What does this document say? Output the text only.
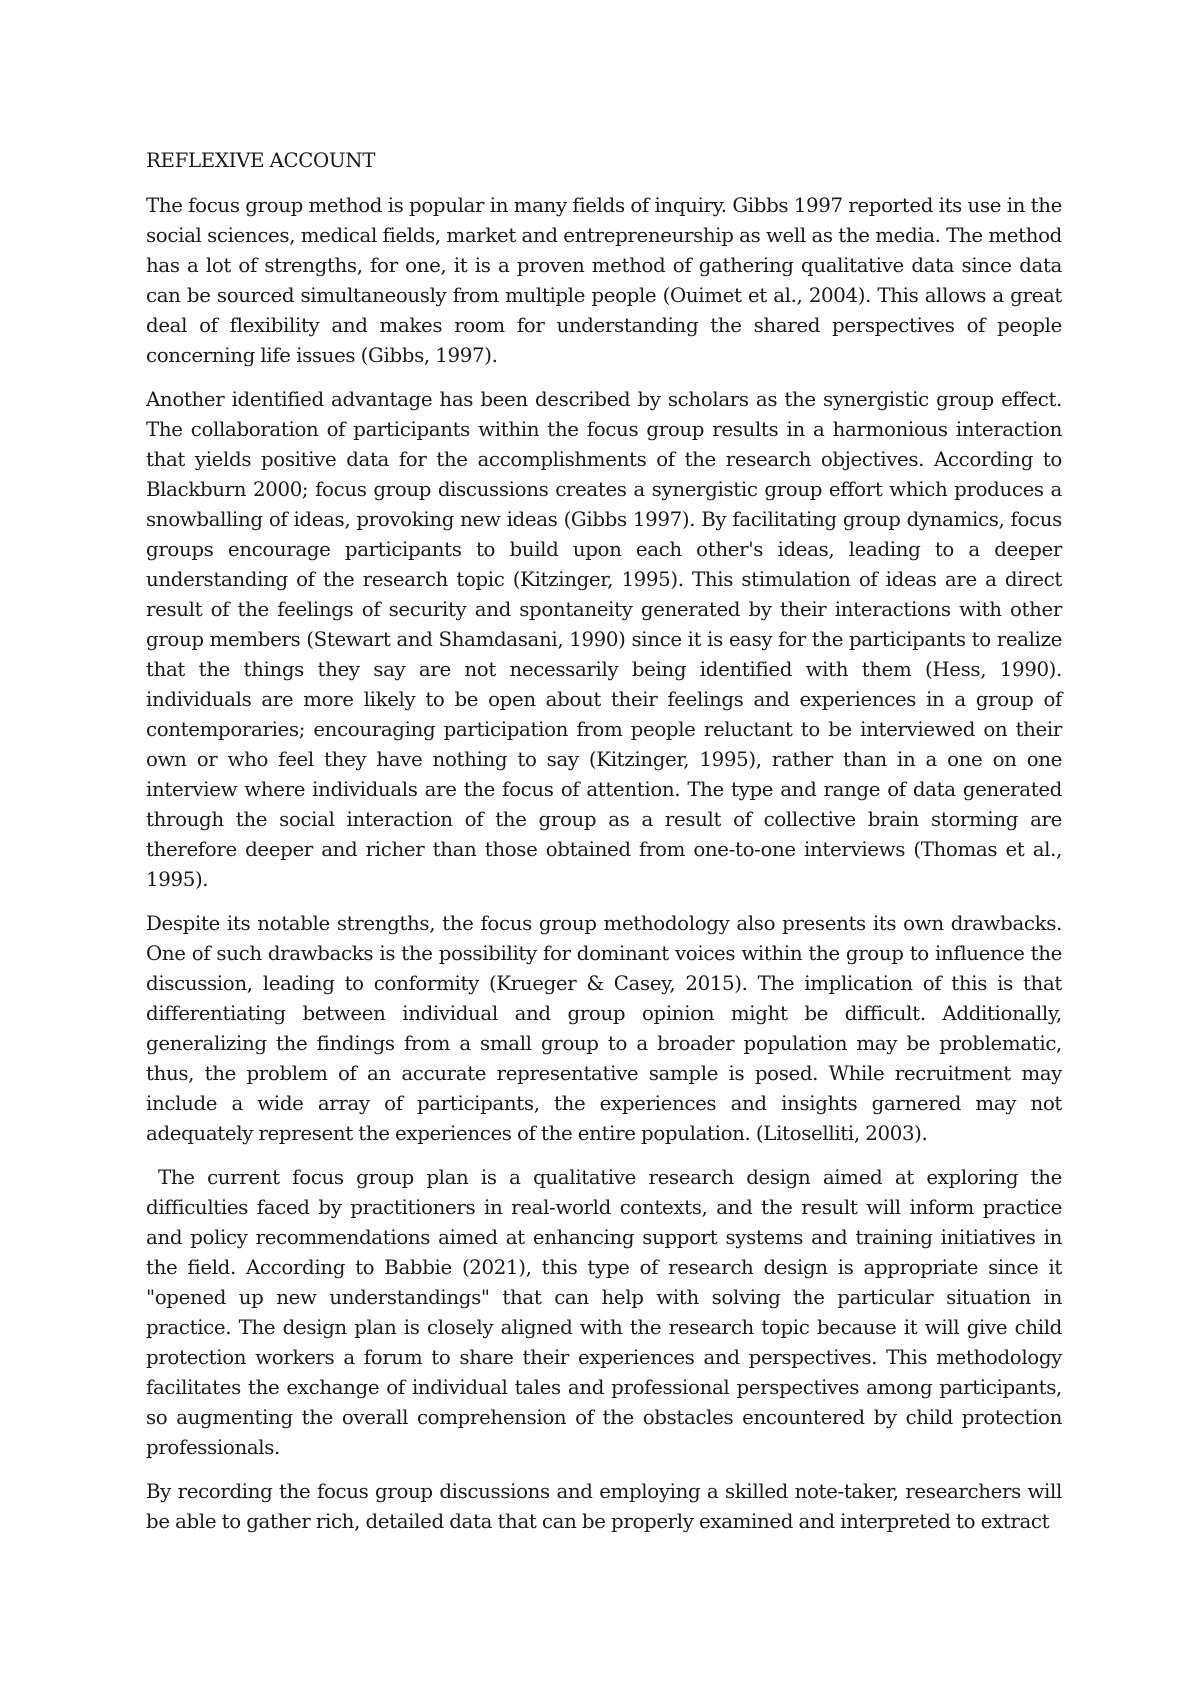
REFLEXIVE ACCOUNT

The focus group method is popular in many fields of inquiry. Gibbs 1997 reported its use in the social sciences, medical fields, market and entrepreneurship as well as the media. The method has a lot of strengths, for one, it is a proven method of gathering qualitative data since data can be sourced simultaneously from multiple people (Ouimet et al., 2004). This allows a great deal of flexibility and makes room for understanding the shared perspectives of people concerning life issues (Gibbs, 1997).

Another identified advantage has been described by scholars as the synergistic group effect. The collaboration of participants within the focus group results in a harmonious interaction that yields positive data for the accomplishments of the research objectives. According to Blackburn 2000; focus group discussions creates a synergistic group effort which produces a snowballing of ideas, provoking new ideas (Gibbs 1997). By facilitating group dynamics, focus groups encourage participants to build upon each other's ideas, leading to a deeper understanding of the research topic (Kitzinger, 1995). This stimulation of ideas are a direct result of the feelings of security and spontaneity generated by their interactions with other group members (Stewart and Shamdasani, 1990) since it is easy for the participants to realize that the things they say are not necessarily being identified with them (Hess, 1990). individuals are more likely to be open about their feelings and experiences in a group of contemporaries; encouraging participation from people reluctant to be interviewed on their own or who feel they have nothing to say (Kitzinger, 1995), rather than in a one on one interview where individuals are the focus of attention. The type and range of data generated through the social interaction of the group as a result of collective brain storming are therefore deeper and richer than those obtained from one-to-one interviews (Thomas et al., 1995).

Despite its notable strengths, the focus group methodology also presents its own drawbacks. One of such drawbacks is the possibility for dominant voices within the group to influence the discussion, leading to conformity (Krueger & Casey, 2015). The implication of this is that differentiating between individual and group opinion might be difficult. Additionally, generalizing the findings from a small group to a broader population may be problematic, thus, the problem of an accurate representative sample is posed. While recruitment may include a wide array of participants, the experiences and insights garnered may not adequately represent the experiences of the entire population. (Litoselliti, 2003).

The current focus group plan is a qualitative research design aimed at exploring the difficulties faced by practitioners in real-world contexts, and the result will inform practice and policy recommendations aimed at enhancing support systems and training initiatives in the field. According to Babbie (2021), this type of research design is appropriate since it "opened up new understandings" that can help with solving the particular situation in practice. The design plan is closely aligned with the research topic because it will give child protection workers a forum to share their experiences and perspectives. This methodology facilitates the exchange of individual tales and professional perspectives among participants, so augmenting the overall comprehension of the obstacles encountered by child protection professionals.

By recording the focus group discussions and employing a skilled note-taker, researchers will be able to gather rich, detailed data that can be properly examined and interpreted to extract
